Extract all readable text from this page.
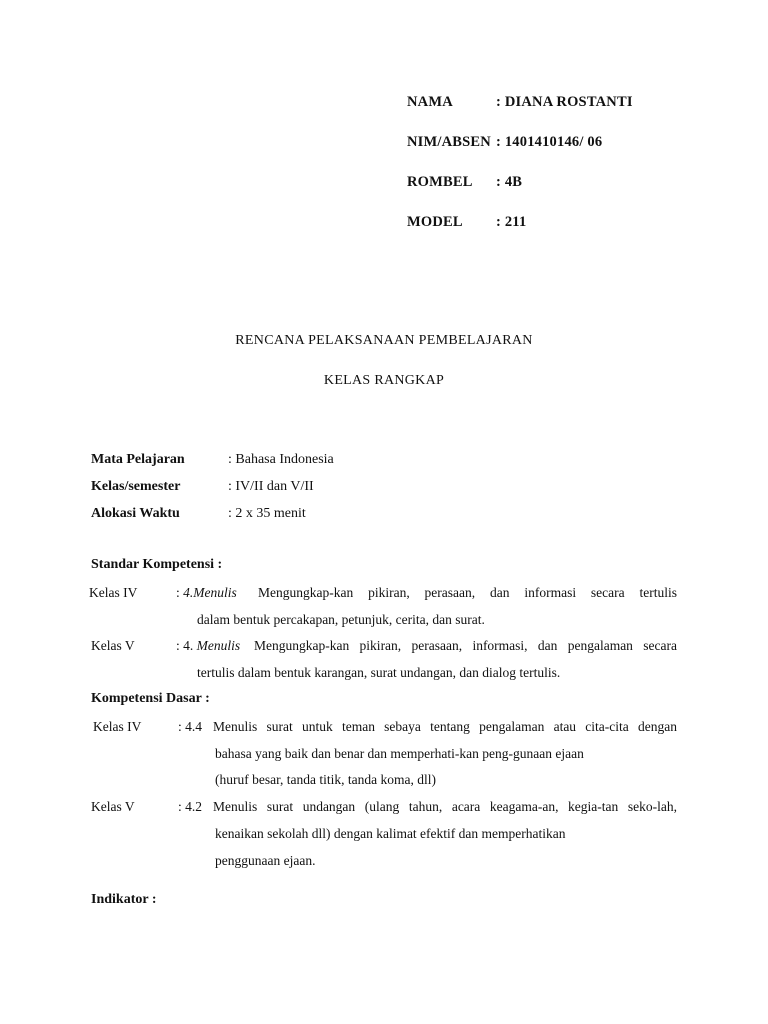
NAMA	: DIANA ROSTANTI
NIM/ABSEN : 1401410146/ 06
ROMBEL : 4B
MODEL : 211
RENCANA PELAKSANAAN PEMBELAJARAN
KELAS RANGKAP
Mata Pelajaran	: Bahasa Indonesia
Kelas/semester	: IV/II dan V/II
Alokasi Waktu	: 2 x 35 menit
Standar Kompetensi :
Kelas IV	: 4.Menulis Mengungkap-kan pikiran, perasaan, dan informasi secara tertulis
dalam bentuk percakapan, petunjuk, cerita, dan surat.
Kelas V	: 4. Menulis Mengungkap-kan pikiran, perasaan, informasi, dan pengalaman secara
tertulis dalam bentuk karangan, surat undangan, dan dialog tertulis.
Kompetensi Dasar :
Kelas IV	: 4.4 Menulis surat untuk teman sebaya tentang pengalaman atau cita-cita dengan
bahasa yang baik dan benar dan memperhati-kan peng-gunaan ejaan
(huruf besar, tanda titik, tanda koma, dll)
Kelas V	: 4.2 Menulis surat undangan (ulang tahun, acara keagama-an, kegia-tan seko-lah,
kenaikan sekolah dll) dengan kalimat efektif dan memperhatikan
penggunaan ejaan.
Indikator :
